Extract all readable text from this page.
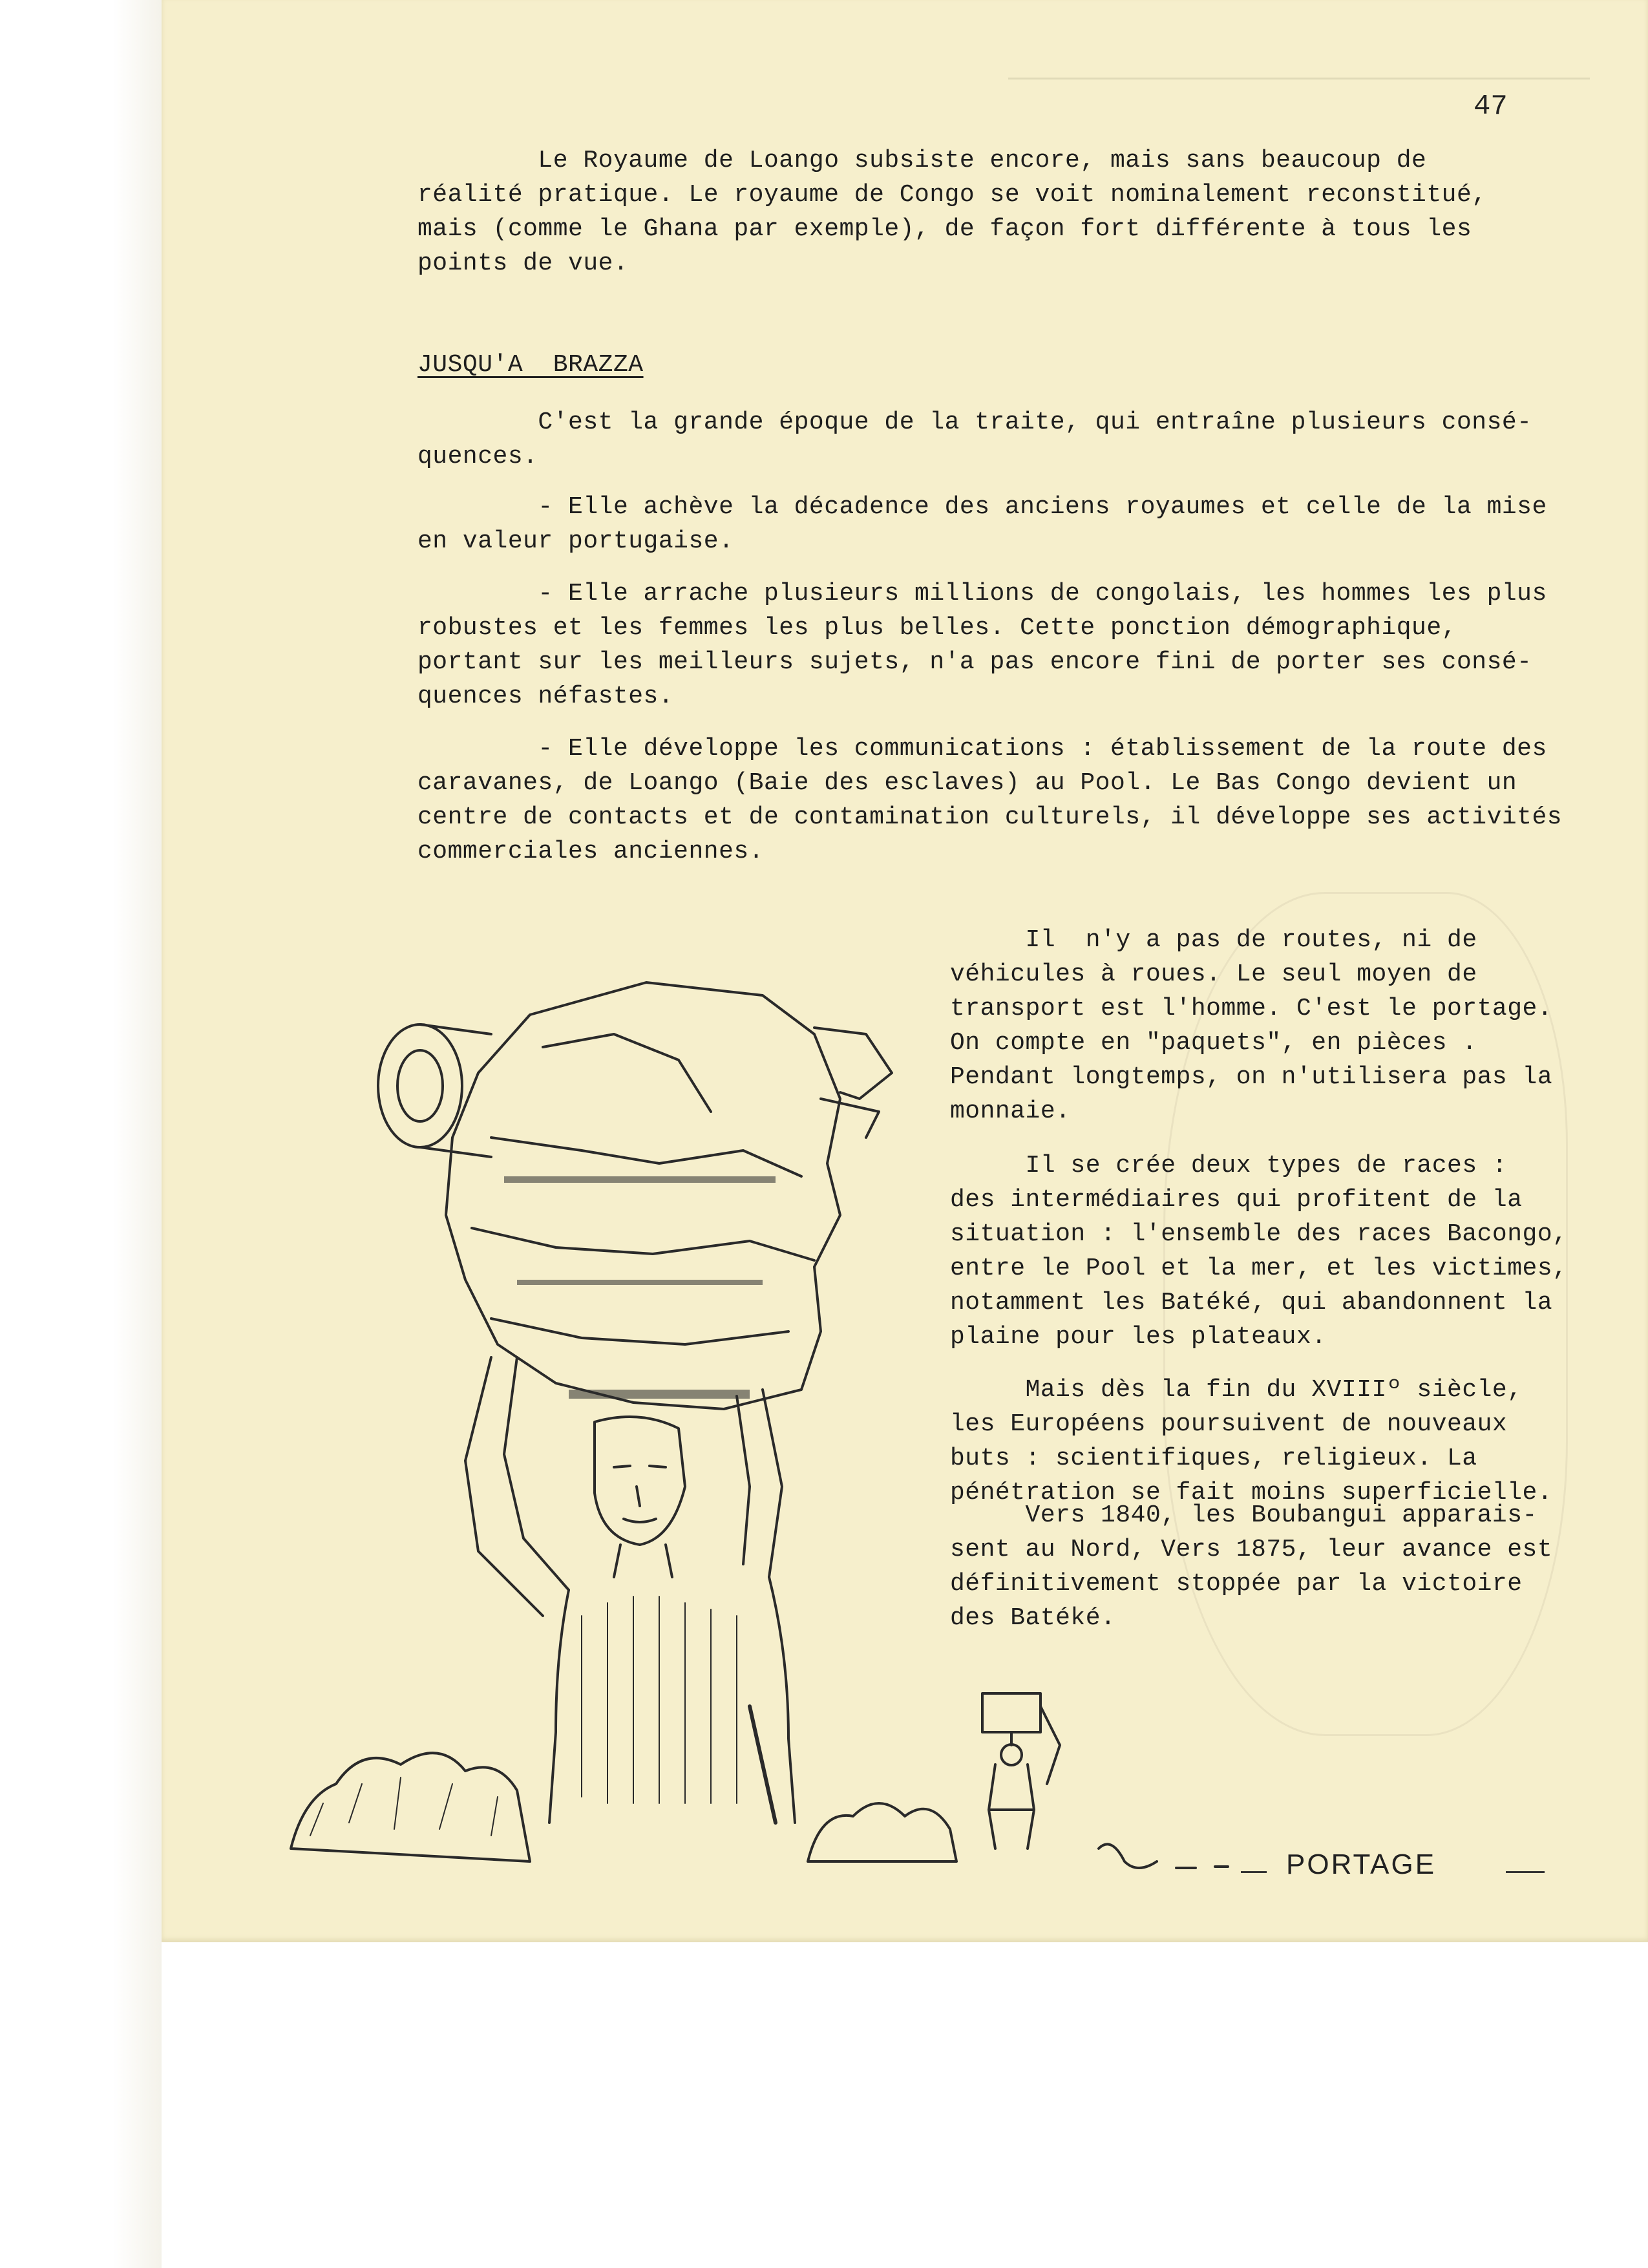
47

Le Royaume de Loango subsiste encore, mais sans beaucoup de
réalité pratique. Le royaume de Congo se voit nominalement reconstitué,
mais (comme le Ghana par exemple), de façon fort différente à tous les
points de vue.

JUSQU'A  BRAZZA

C'est la grande époque de la traite, qui entraîne plusieurs consé-
quences.

- Elle achève la décadence des anciens royaumes et celle de la mise
en valeur portugaise.

- Elle arrache plusieurs millions de congolais, les hommes les plus
robustes et les femmes les plus belles. Cette ponction démographique,
portant sur les meilleurs sujets, n'a pas encore fini de porter ses consé-
quences néfastes.

- Elle développe les communications : établissement de la route des
caravanes, de Loango (Baie des esclaves) au Pool. Le Bas Congo devient un
centre de contacts et de contamination culturels, il développe ses activités
commerciales anciennes.

Il  n'y a pas de routes, ni de
véhicules à roues. Le seul moyen de
transport est l'homme. C'est le portage.
On compte en "paquets", en pièces .
Pendant longtemps, on n'utilisera pas la
monnaie.

Il se crée deux types de races :
des intermédiaires qui profitent de la
situation : l'ensemble des races Bacongo,
entre le Pool et la mer, et les victimes,
notamment les Batéké, qui abandonnent la
plaine pour les plateaux.

Mais dès la fin du XVIIIº siècle,
les Européens poursuivent de nouveaux
buts : scientifiques, religieux. La
pénétration se fait moins superficielle.

Vers 1840, les Boubangui apparais-
sent au Nord, Vers 1875, leur avance est
définitivement stoppée par la victoire
des Batéké.

PORTAGE
